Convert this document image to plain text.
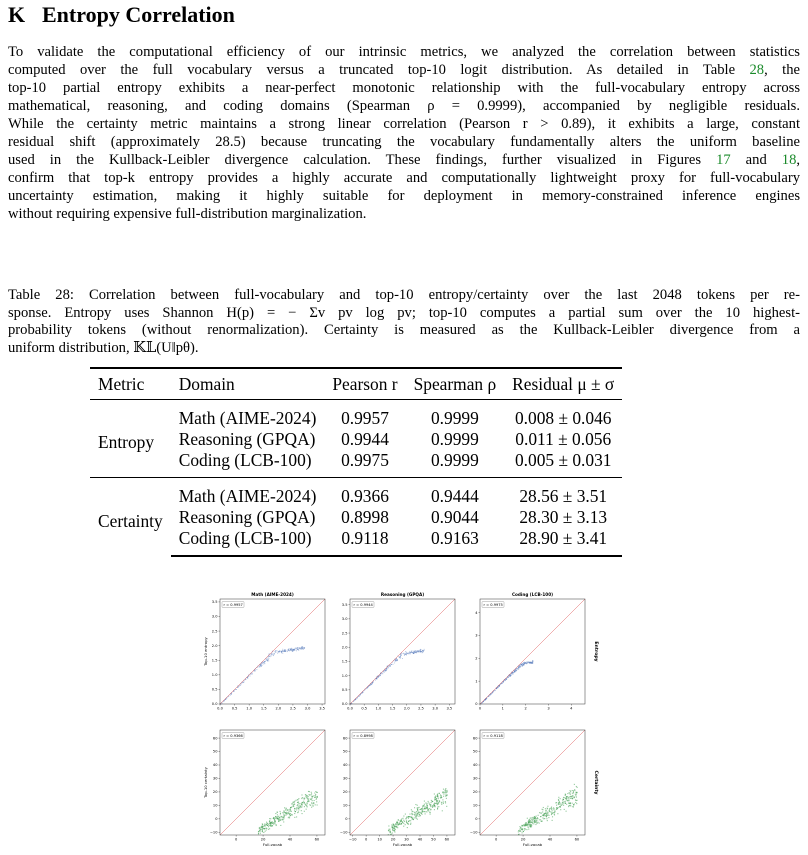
K Entropy Correlation
To validate the computational efficiency of our intrinsic metrics, we analyzed the correlation between statistics
computed over the full vocabulary versus a truncated top-10 logit distribution. As detailed in Table 28, the
top-10 partial entropy exhibits a near-perfect monotonic relationship with the full-vocabulary entropy across
mathematical, reasoning, and coding domains (Spearman ρ = 0.9999), accompanied by negligible residuals.
While the certainty metric maintains a strong linear correlation (Pearson r > 0.89), it exhibits a large, constant
residual shift (approximately 28.5) because truncating the vocabulary fundamentally alters the uniform baseline
used in the Kullback-Leibler divergence calculation. These findings, further visualized in Figures 17 and 18,
confirm that top-k entropy provides a highly accurate and computationally lightweight proxy for full-vocabulary
uncertainty estimation, making it highly suitable for deployment in memory-constrained inference engines
without requiring expensive full-distribution marginalization.
Table 28: Correlation between full-vocabulary and top-10 entropy/certainty over the last 2048 tokens per re-
sponse. Entropy uses Shannon H(p) = − Σv pv log pv; top-10 computes a partial sum over the 10 highest-
probability tokens (without renormalization). Certainty is measured as the Kullback-Leibler divergence from a
uniform distribution, 𝕂𝕃(U‖pθ).
Metric	Domain	Pearson r	Spearman ρ	Residual μ ± σ
Entropy	Math (AIME-2024)	0.9957	0.9999	0.008 ± 0.046
	Reasoning (GPQA)	0.9944	0.9999	0.011 ± 0.056
	Coding (LCB-100)	0.9975	0.9999	0.005 ± 0.031
Certainty	Math (AIME-2024)	0.9366	0.9444	28.56 ± 3.51
	Reasoning (GPQA)	0.8998	0.9044	28.30 ± 3.13
	Coding (LCB-100)	0.9118	0.9163	28.90 ± 3.41
Math (AIME-2024)
0.0 0.5 1.0 1.5 2.0 2.5 3.0 3.5
0.0
0.5
1.0
1.5
2.0
2.5
3.0
3.5
r = 0.9957
Top-10 entropy
Reasoning (GPQA)
0.0 0.5 1.0 1.5 2.0 2.5 3.0 3.5
0.0
0.5
1.0
1.5
2.0
2.5
3.0
3.5 r = 0.9944
Coding (LCB-100)
0	1	2	3	4
0
1
2
3
4
r = 0.9975
0	20	40	60
−10
0
10
20
30
40
50
60
r = 0.9366
Full-vocab
Top-10 certainty
−10 0	10 20 30 40 50 60
−10
0
10
20
30
40
50
60
r = 0.8998
Full-vocab
0	20	40	60
−10
0
10
20
30
40
50
60
r = 0.9118
Full-vocab
Entropy
Certainty
